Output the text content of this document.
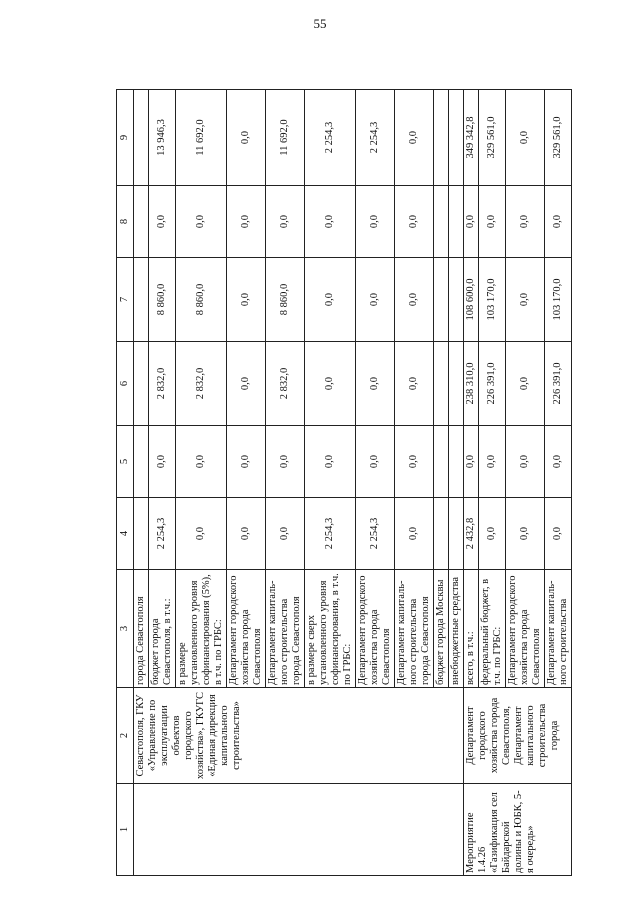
55
1	2	3	4	5	6	7	8	9
	Севастополя, ГКУ «Управление по эксплуатации объектов городского хозяйства», ГКУГС «Единая дирекция капитального строительства»	города Севастополя						
		бюджет города Севастополя, в т.ч.:	2 254,3	0,0	2 832,0	8 860,0	0,0	13 946,3
		в размере установленного уровня софинансирования (5%), в т.ч. по ГРБС:	0,0	0,0	2 832,0	8 860,0	0,0	11 692,0
		Департамент городского хозяйства города Севастополя	0,0	0,0	0,0	0,0	0,0	0,0
		Департамент капиталь-ного строительства города Севастополя	0,0	0,0	2 832,0	8 860,0	0,0	11 692,0
		в размере сверх установленного уровня софинансирования, в т.ч. по ГРБС:	2 254,3	0,0	0,0	0,0	0,0	2 254,3
		Департамент городского хозяйства города Севастополя	2 254,3	0,0	0,0	0,0	0,0	2 254,3
		Департамент капиталь-ного строительства города Севастополя	0,0	0,0	0,0	0,0	0,0	0,0
		бюджет города Москвы						
		внебюджетные средства						
Мероприятие 1.4.26 «Газификация сел Байдарской долины и ЮБК, 5-я очередь»	Департамент городского хозяйства города Севастополя, Департамент капитального строительства города	всего, в т.ч.:	2 432,8	0,0	238 310,0	108 600,0	0,0	349 342,8
		федеральный бюджет, в т.ч. по ГРБС:	0,0	0,0	226 391,0	103 170,0	0,0	329 561,0
		Департамент городского хозяйства города Севастополя	0,0	0,0	0,0	0,0	0,0	0,0
		Департамент капиталь-ного строительства	0,0	0,0	226 391,0	103 170,0	0,0	329 561,0
